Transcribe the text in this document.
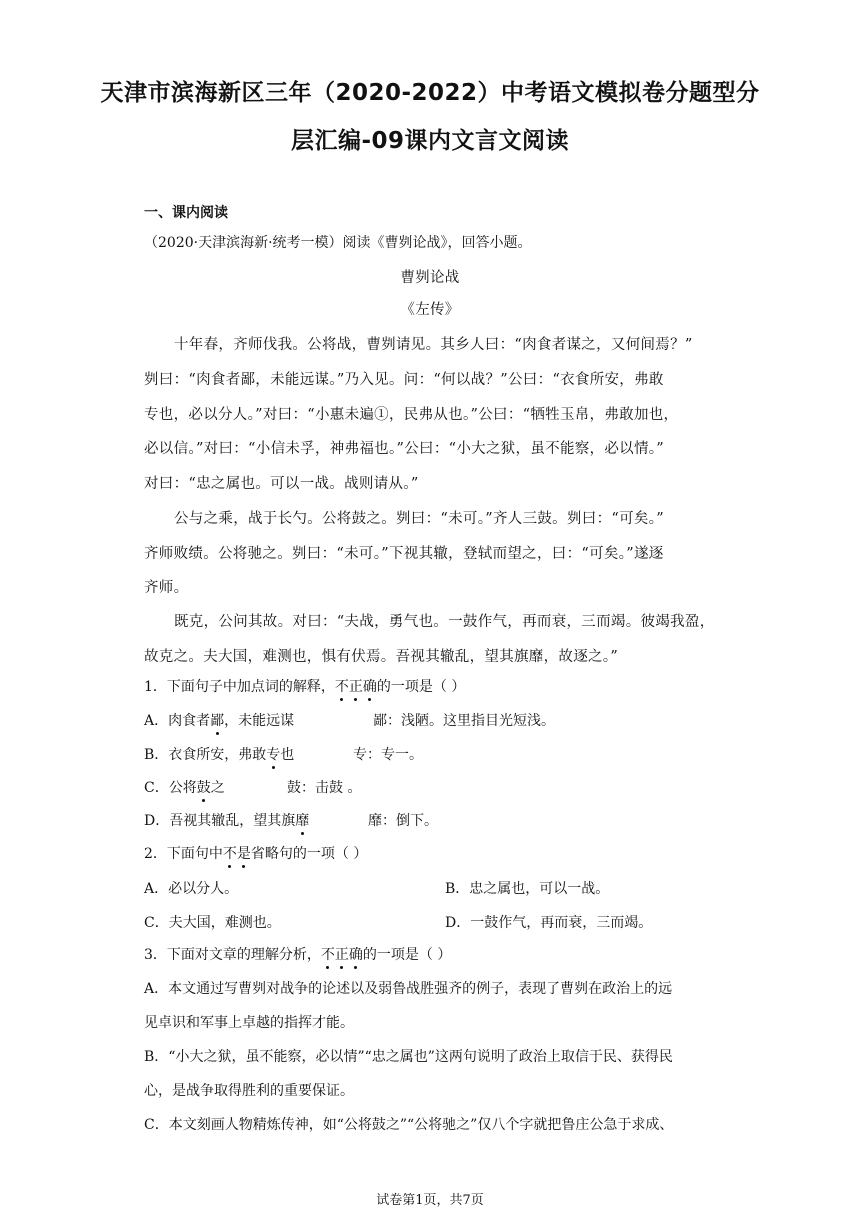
天津市滨海新区三年（2020-2022）中考语文模拟卷分题型分
层汇编-09课内文言文阅读
一、课内阅读
（2020·天津滨海新·统考一模）阅读《曹刿论战》，回答小题。
曹刿论战
《左传》
十年春，齐师伐我。公将战，曹刿请见。其乡人曰：“肉食者谋之，又何间焉？”
刿曰：“肉食者鄙，未能远谋。”乃入见。问：“何以战？”公曰：“衣食所安，弗敢
专也，必以分人。”对曰：“小惠未遍①，民弗从也。”公曰：“牺牲玉帛，弗敢加也，
必以信。”对曰：“小信未孚，神弗福也。”公曰：“小大之狱，虽不能察，必以情。”
对曰：“忠之属也。可以一战。战则请从。”
公与之乘，战于长勺。公将鼓之。刿曰：“未可。”齐人三鼓。刿曰：“可矣。”
齐师败绩。公将驰之。刿曰：“未可。”下视其辙，登轼而望之，曰：“可矣。”遂逐
齐师。
既克，公问其故。对曰：“夫战，勇气也。一鼓作气，再而衰，三而竭。彼竭我盈，
故克之。夫大国，难测也，惧有伏焉。吾视其辙乱，望其旗靡，故逐之。”
1．下面句子中加点词的解释，不正确的一项是（ ）
A．肉食者鄙，未能远谋	鄙：浅陋。这里指目光短浅。
B．衣食所安，弗敢专也	专：专一。
C．公将鼓之	鼓：击鼓 。
D．吾视其辙乱，望其旗靡	靡：倒下。
2．下面句中不是省略句的一项（ ）
A．必以分人。	B．忠之属也，可以一战。
C．夫大国，难测也。	D．一鼓作气，再而衰，三而竭。
3．下面对文章的理解分析，不正确的一项是（ ）
A．本文通过写曹刿对战争的论述以及弱鲁战胜强齐的例子，表现了曹刿在政治上的远
见卓识和军事上卓越的指挥才能。
B．“小大之狱，虽不能察，必以情”“忠之属也”这两句说明了政治上取信于民、获得民
心，是战争取得胜利的重要保证。
C．本文刻画人物精炼传神，如“公将鼓之”“公将驰之”仅八个字就把鲁庄公急于求成、
试卷第1页，共7页
